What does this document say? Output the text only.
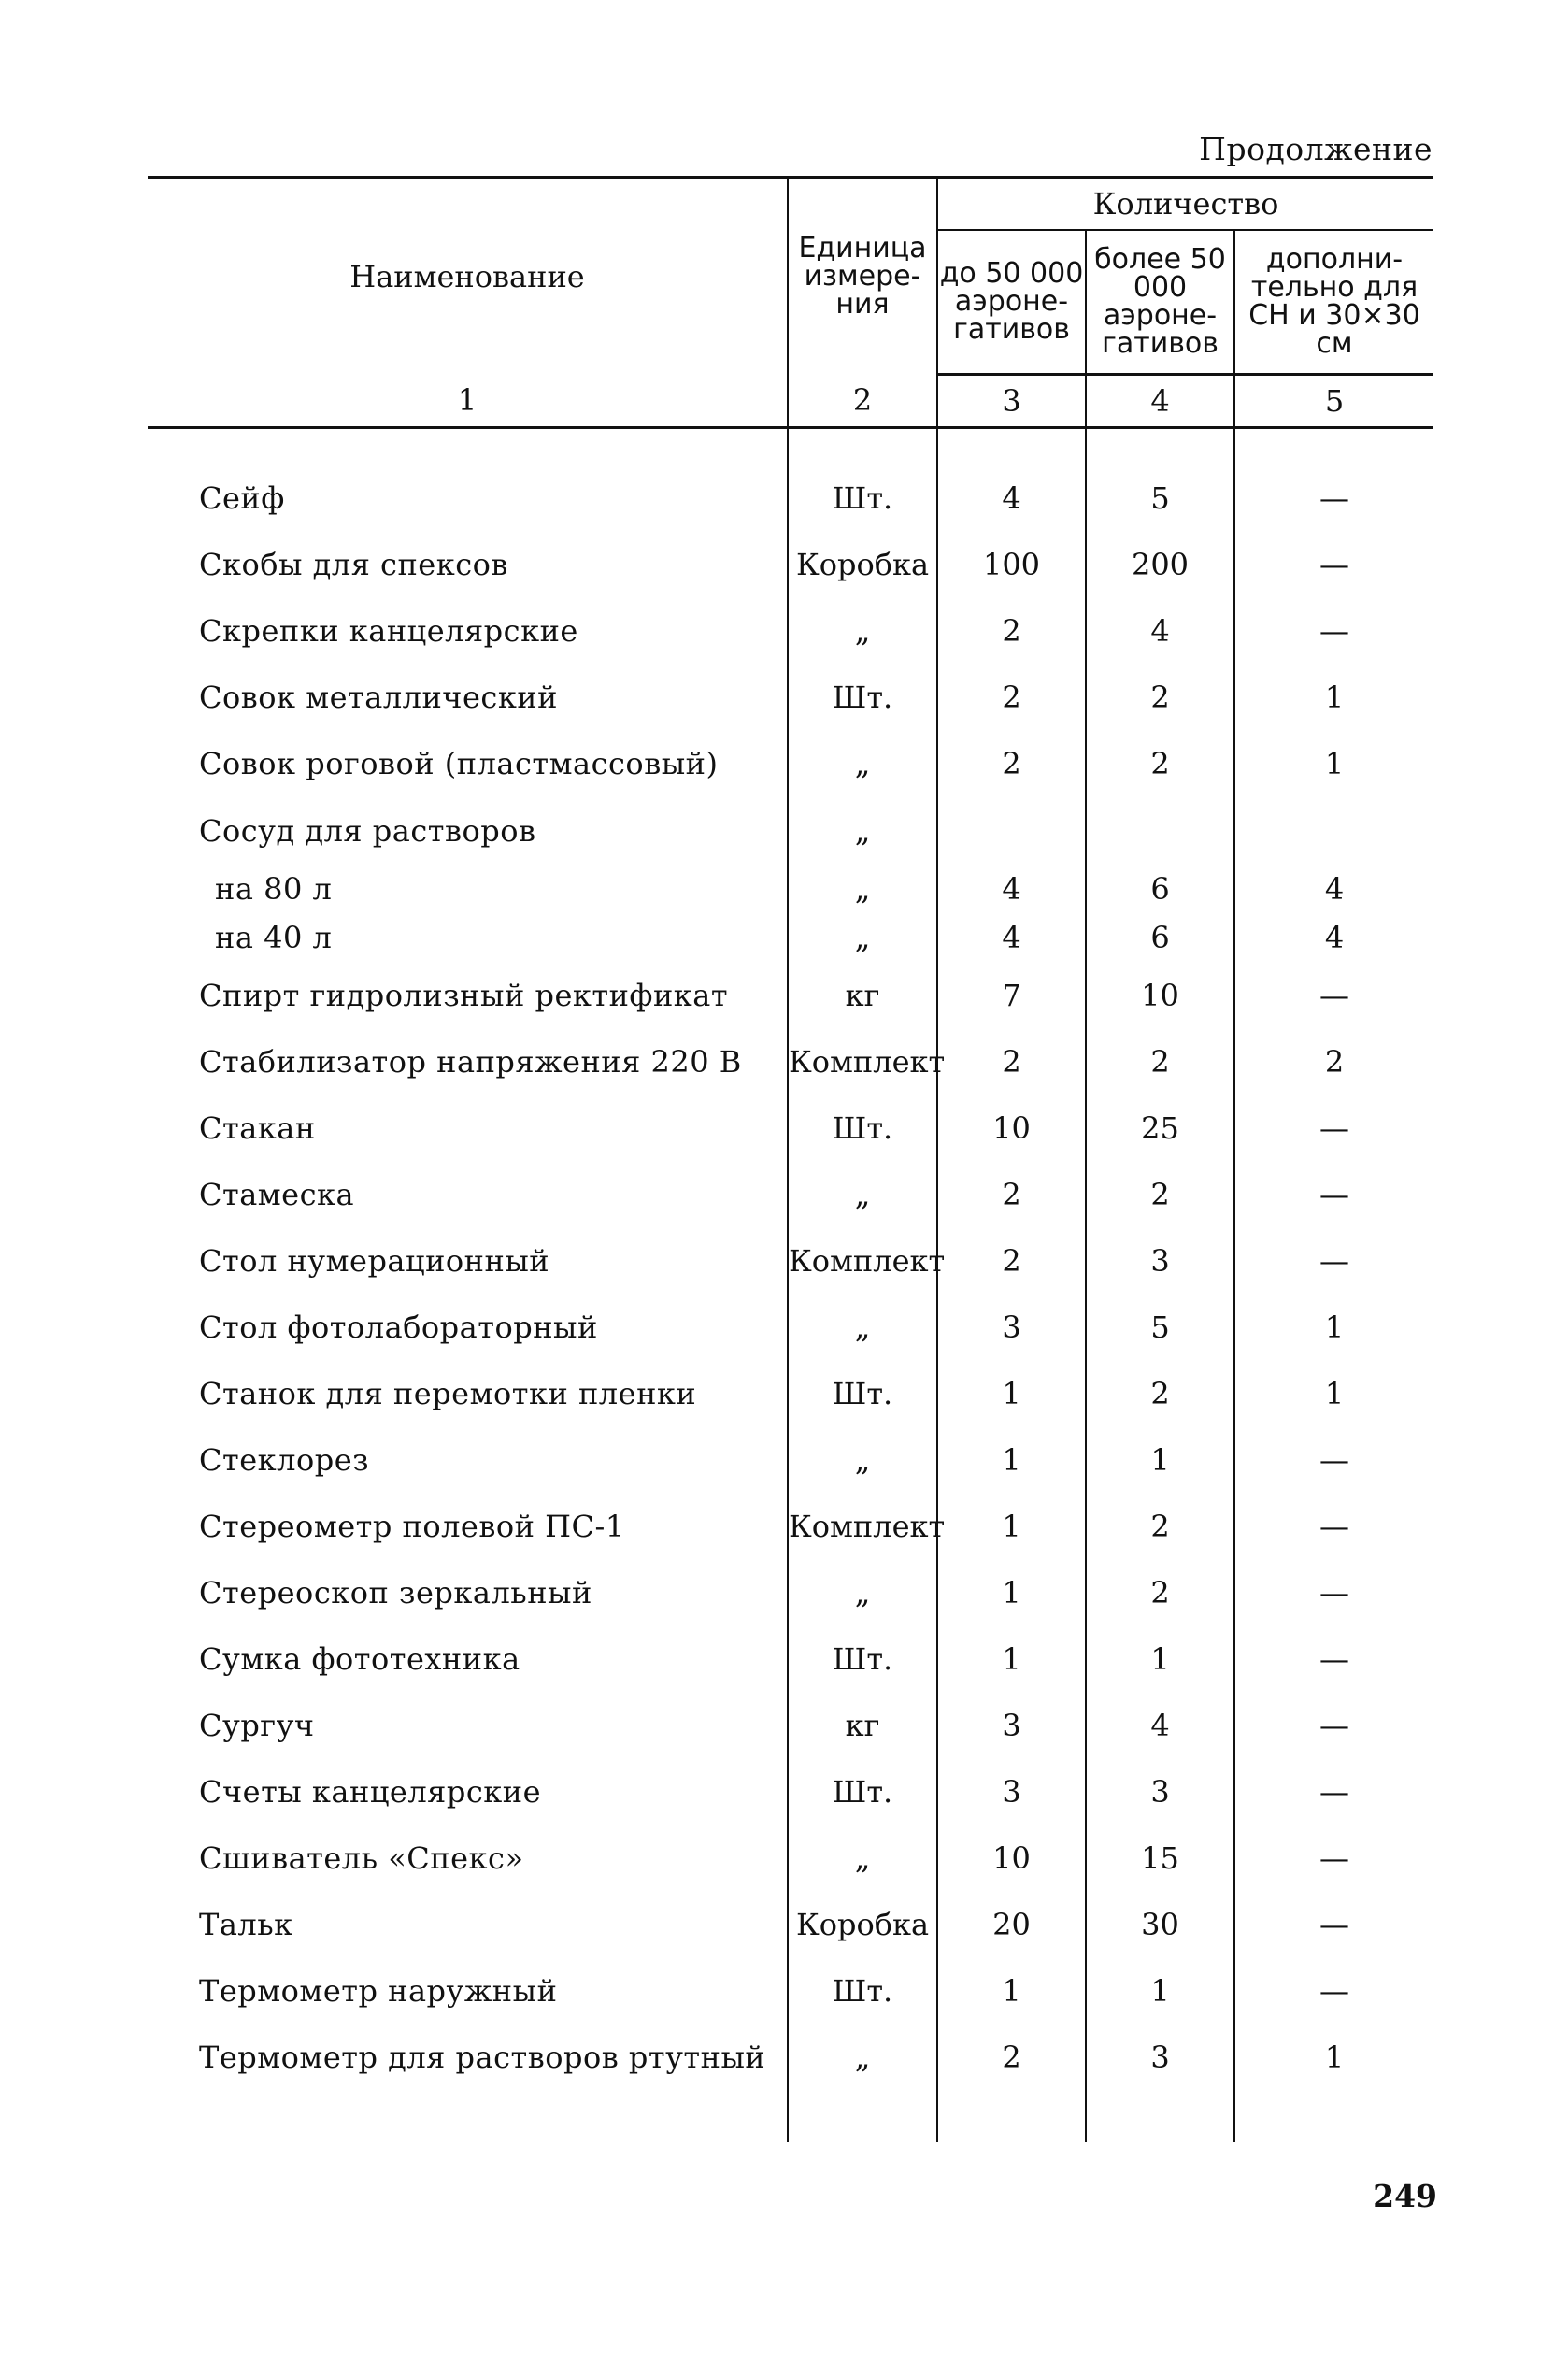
Продолжение
Наименование	Единица измере-ния	Количество		
		до 50 000 аэроне-гативов	более 50 000 аэроне-гативов	дополни-тельно для СН и 30×30 см
1	2	3	4	5

Сейф	Шт.	4	5	—
Скобы для спексов	Коробка	100	200	—
Скрепки канцелярские	„	2	4	—
Совок металлический	Шт.	2	2	1
Совок роговой (пластмассовый)	„	2	2	1
Сосуд для растворов	„			
на 80 л	„	4	6	4
на 40 л	„	4	6	4
Спирт гидролизный ректификат	кг	7	10	—
Стабилизатор напряжения 220 В	Комплект	2	2	2
Стакан	Шт.	10	25	—
Стамеска	„	2	2	—
Стол нумерационный	Комплект	2	3	—
Стол фотолабораторный	„	3	5	1
Станок для перемотки пленки	Шт.	1	2	1
Стеклорез	„	1	1	—
Стереометр полевой ПС-1	Комплект	1	2	—
Стереоскоп зеркальный	„	1	2	—
Сумка фототехника	Шт.	1	1	—
Сургуч	кг	3	4	—
Счеты канцелярские	Шт.	3	3	—
Сшиватель «Спекс»	„	10	15	—
Тальк	Коробка	20	30	—
Термометр наружный	Шт.	1	1	—
Термометр для растворов ртутный	„	2	3	1

249
